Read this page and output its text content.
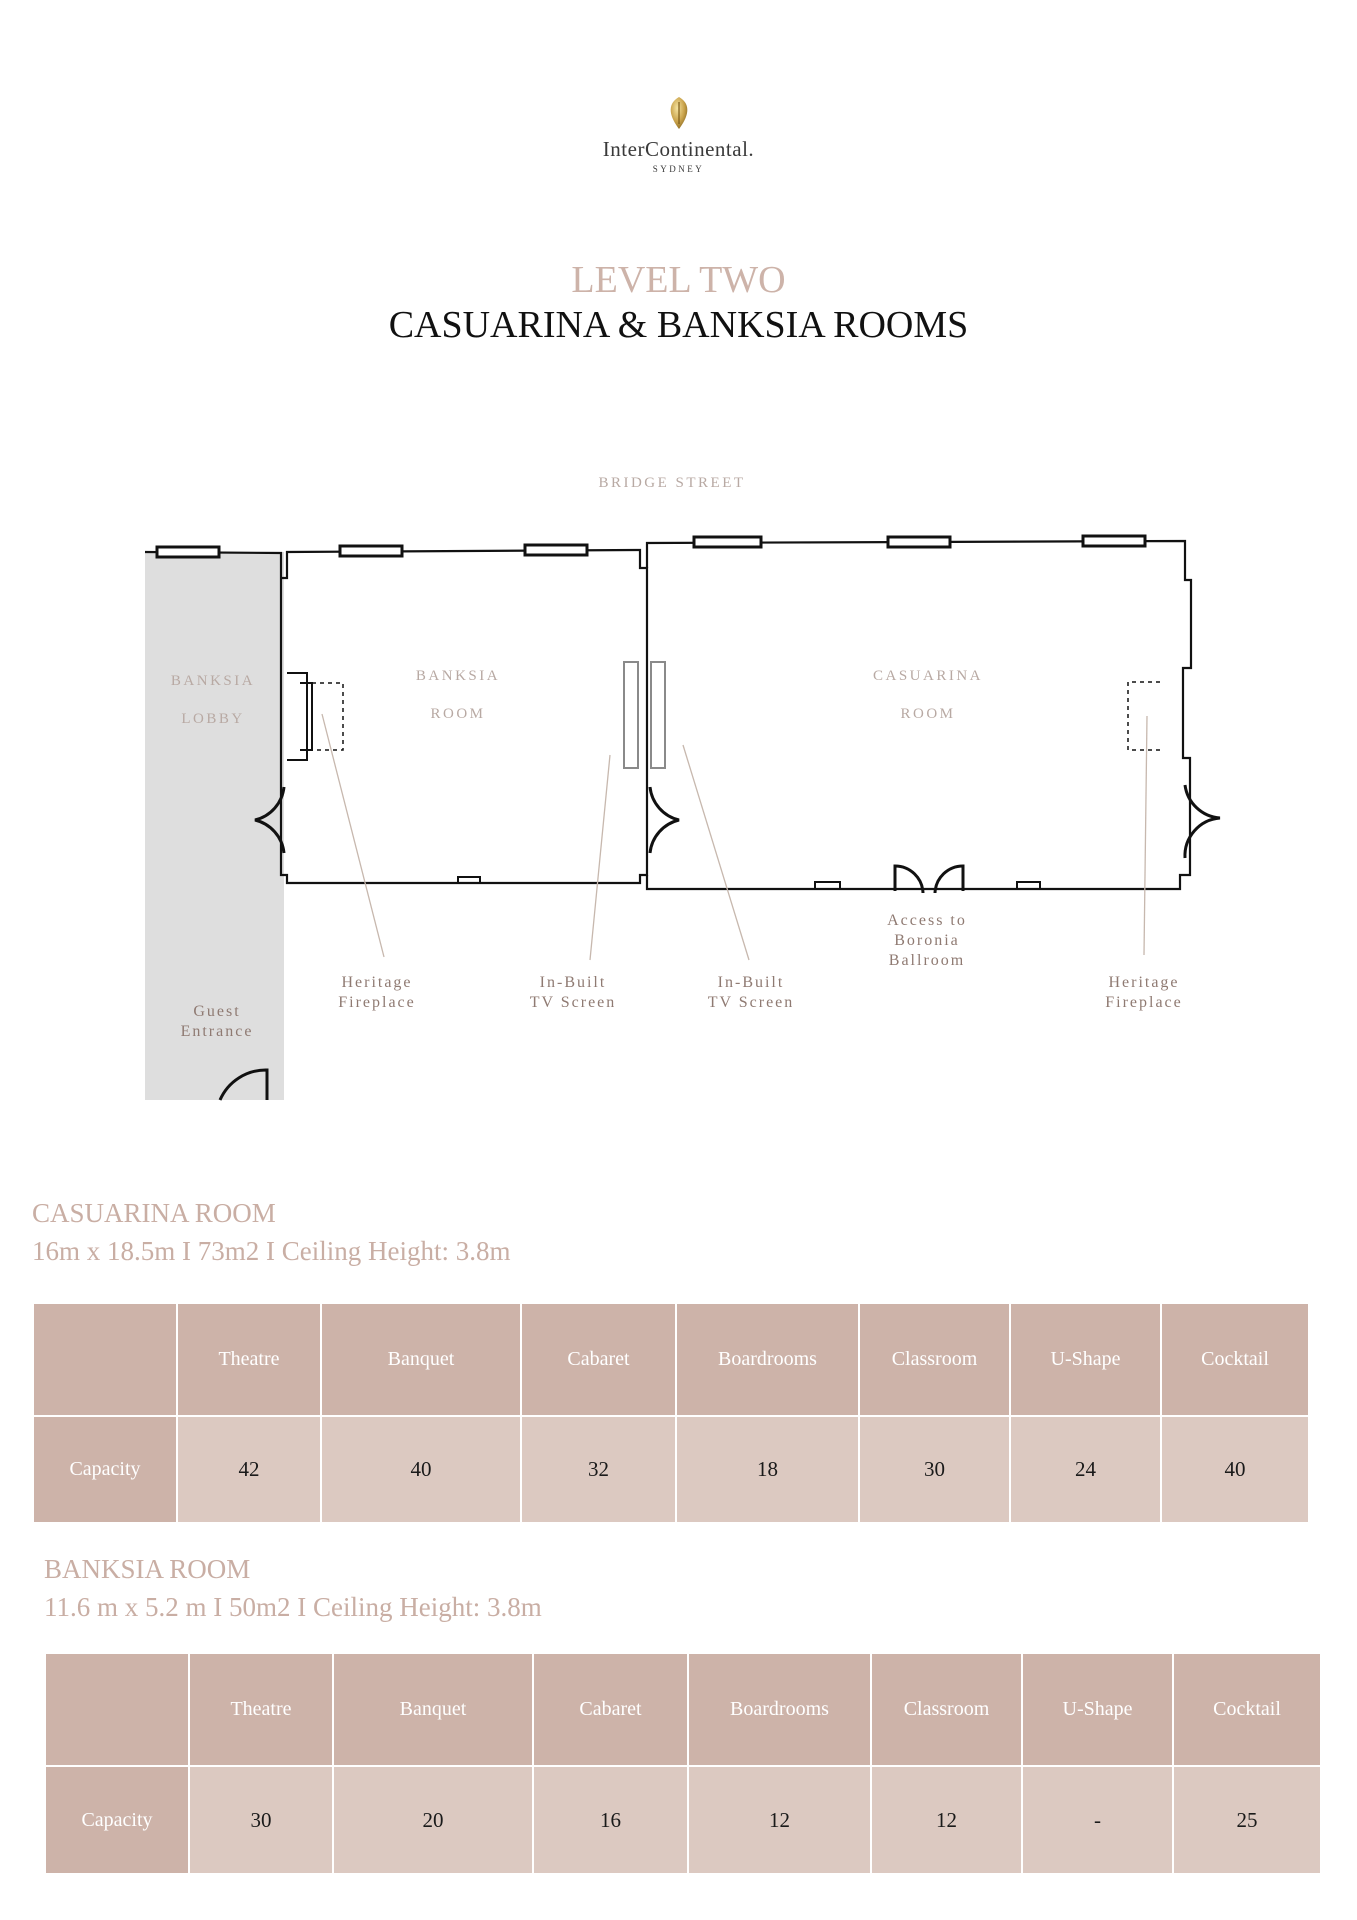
InterContinental.
SYDNEY
LEVEL TWO
CASUARINA & BANKSIA ROOMS
BRIDGE STREET
BANKSIA
LOBBY
BANKSIA
ROOM
CASUARINA
ROOM
Heritage
Fireplace
In-Built
TV Screen
In-Built
TV Screen
Access to
Boronia
Ballroom
Heritage
Fireplace
Guest
Entrance
CASUARINA ROOM
16m x 18.5m I 73m2 I Ceiling Height: 3.8m
	Theatre	Banquet	Cabaret	Boardrooms	Classroom	U-Shape	Cocktail
Capacity	42	40	32	18	30	24	40
BANKSIA ROOM
11.6 m x 5.2 m I 50m2 I Ceiling Height: 3.8m
	Theatre	Banquet	Cabaret	Boardrooms	Classroom	U-Shape	Cocktail
Capacity	30	20	16	12	12	-	25
